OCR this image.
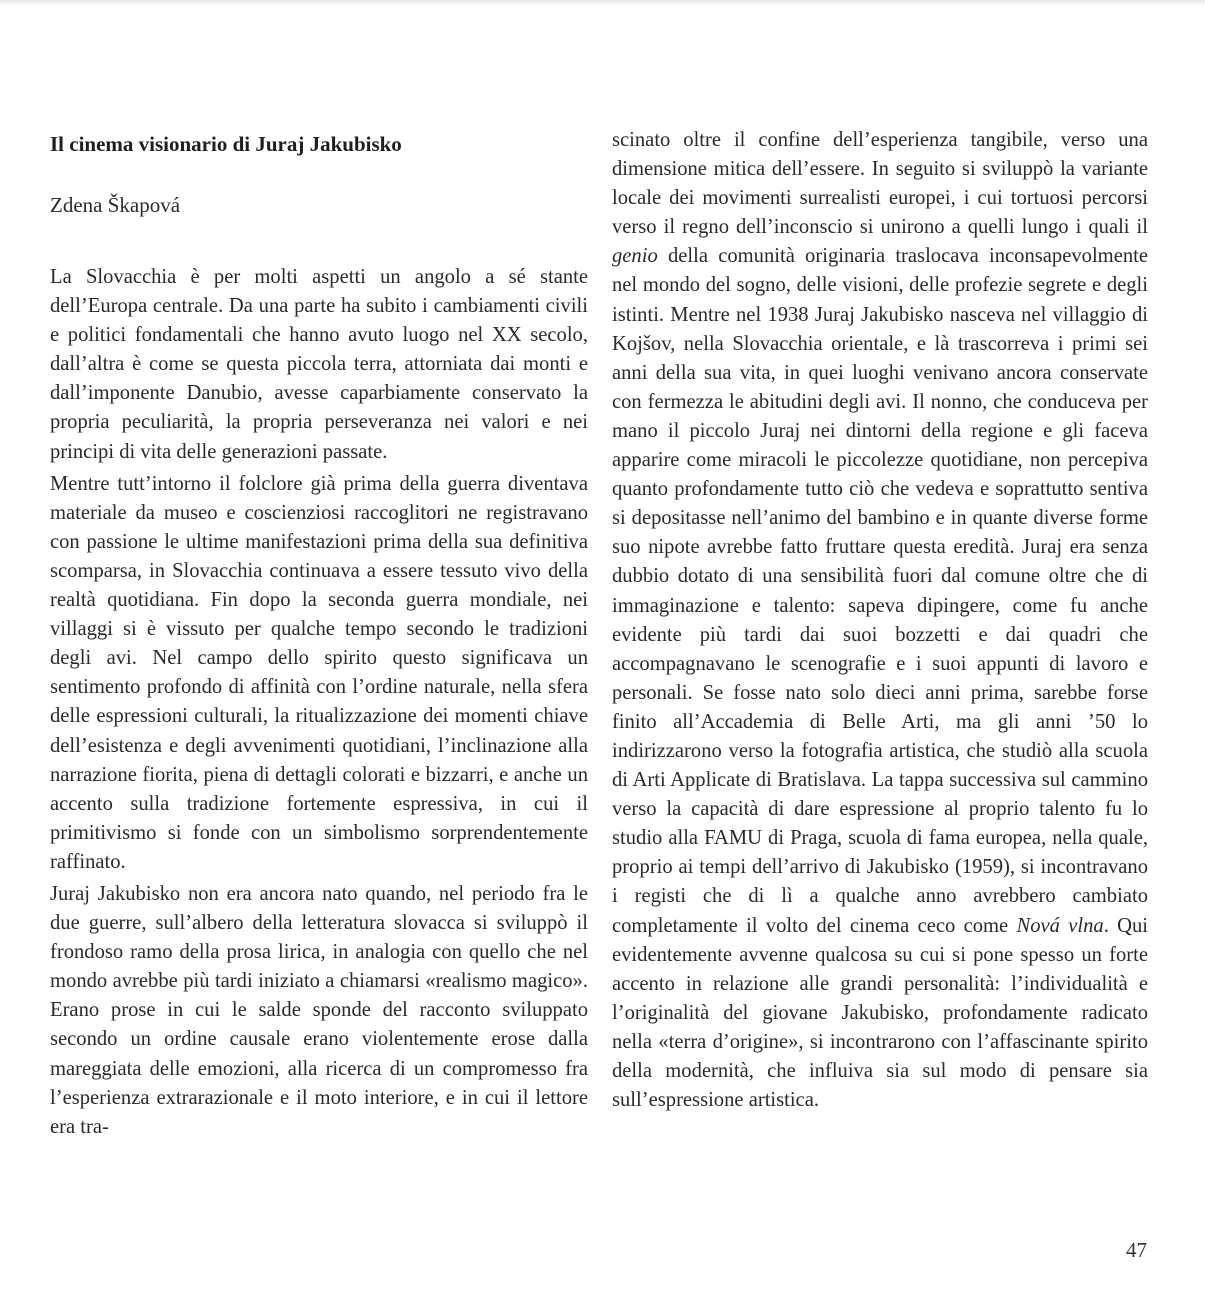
Il cinema visionario di Juraj Jakubisko
Zdena Škapová

La Slovacchia è per molti aspetti un angolo a sé stante dell’Europa centrale. Da una parte ha subito i cambiamenti civili e politici fondamentali che hanno avuto luogo nel XX secolo, dall’altra è come se questa piccola terra, attorniata dai monti e dall’imponente Danubio, avesse caparbiamente conservato la propria peculiarità, la propria perseveranza nei valori e nei principi di vita delle generazioni passate.

Mentre tutt’intorno il folclore già prima della guerra diventava materiale da museo e coscienziosi raccoglitori ne registravano con passione le ultime manifestazioni prima della sua definitiva scomparsa, in Slovacchia continuava a essere tessuto vivo della realtà quotidiana. Fin dopo la seconda guerra mondiale, nei villaggi si è vissuto per qualche tempo secondo le tradizioni degli avi. Nel campo dello spirito questo significava un sentimento profondo di affinità con l’ordine naturale, nella sfera delle espressioni culturali, la ritualizzazione dei momenti chiave dell’esistenza e degli avvenimenti quotidiani, l’inclinazione alla narrazione fiorita, piena di dettagli colorati e bizzarri, e anche un accento sulla tradizione fortemente espressiva, in cui il primitivismo si fonde con un simbolismo sorprendentemente raffinato.

Juraj Jakubisko non era ancora nato quando, nel periodo fra le due guerre, sull’albero della letteratura slovacca si sviluppò il frondoso ramo della prosa lirica, in analogia con quello che nel mondo avrebbe più tardi iniziato a chiamarsi «realismo magico». Erano prose in cui le salde sponde del racconto sviluppato secondo un ordine causale erano violentemente erose dalla mareggiata delle emozioni, alla ricerca di un compromesso fra l’esperienza extrarazionale e il moto interiore, e in cui il lettore era tra-

scinato oltre il confine dell’esperienza tangibile, verso una dimensione mitica dell’essere. In seguito si sviluppò la variante locale dei movimenti surrealisti europei, i cui tortuosi percorsi verso il regno dell’inconscio si unirono a quelli lungo i quali il genio della comunità originaria traslocava inconsapevolmente nel mondo del sogno, delle visioni, delle profezie segrete e degli istinti. Mentre nel 1938 Juraj Jakubisko nasceva nel villaggio di Kojšov, nella Slovacchia orientale, e là trascorreva i primi sei anni della sua vita, in quei luoghi venivano ancora conservate con fermezza le abitudini degli avi. Il nonno, che conduceva per mano il piccolo Juraj nei dintorni della regione e gli faceva apparire come miracoli le piccolezze quotidiane, non percepiva quanto profondamente tutto ciò che vedeva e soprattutto sentiva si depositasse nell’animo del bambino e in quante diverse forme suo nipote avrebbe fatto fruttare questa eredità. Juraj era senza dubbio dotato di una sensibilità fuori dal comune oltre che di immaginazione e talento: sapeva dipingere, come fu anche evidente più tardi dai suoi bozzetti e dai quadri che accompagnavano le scenografie e i suoi appunti di lavoro e personali. Se fosse nato solo dieci anni prima, sarebbe forse finito all’Accademia di Belle Arti, ma gli anni ’50 lo indirizzarono verso la fotografia artistica, che studiò alla scuola di Arti Applicate di Bratislava. La tappa successiva sul cammino verso la capacità di dare espressione al proprio talento fu lo studio alla FAMU di Praga, scuola di fama europea, nella quale, proprio ai tempi dell’arrivo di Jakubisko (1959), si incontravano i registi che di lì a qualche anno avrebbero cambiato completamente il volto del cinema ceco come Nová vlna. Qui evidentemente avvenne qualcosa su cui si pone spesso un forte accento in relazione alle grandi personalità: l’individualità e l’originalità del giovane Jakubisko, profondamente radicato nella «terra d’origine», si incontrarono con l’affascinante spirito della modernità, che influiva sia sul modo di pensare sia sull’espressione artistica.

47
